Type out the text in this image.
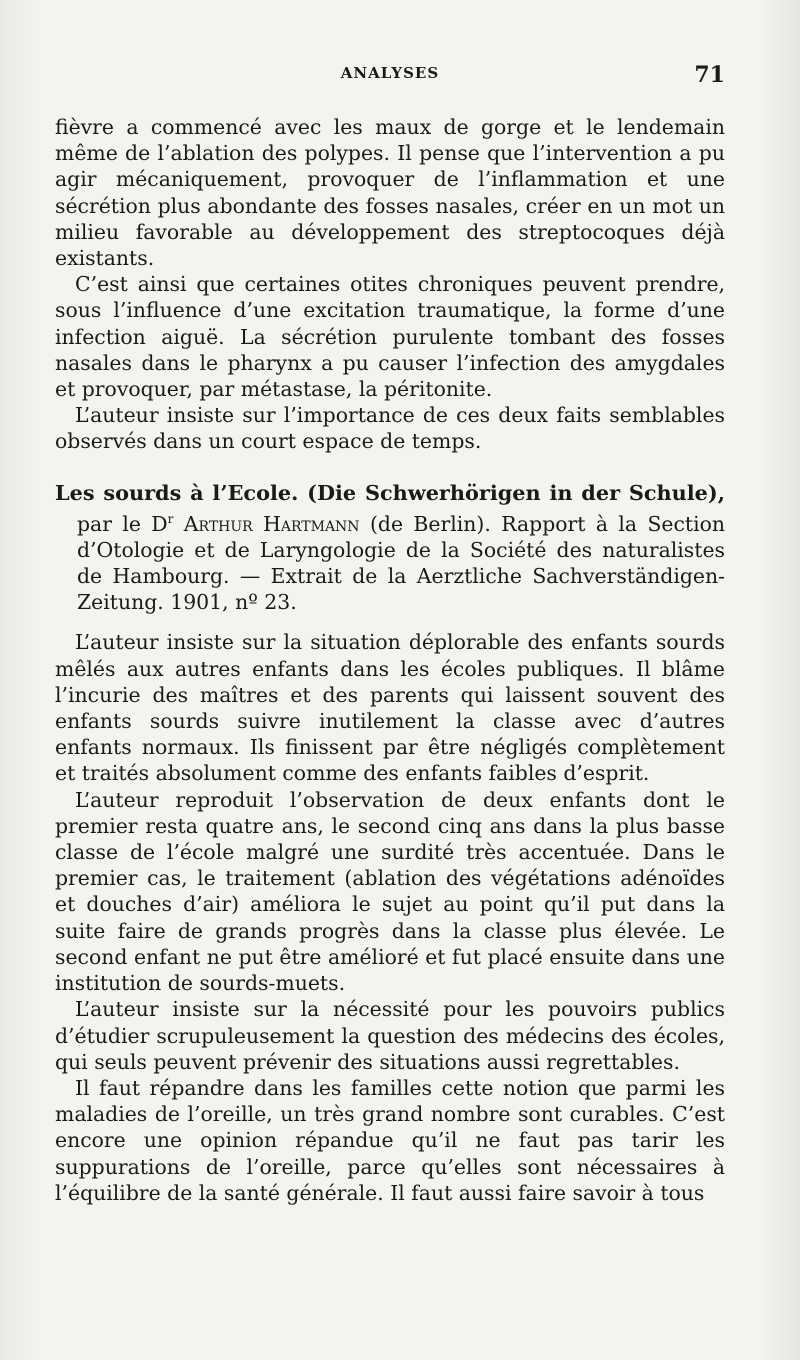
ANALYSES	71

fièvre a commencé avec les maux de gorge et le lendemain même de l’ablation des polypes. Il pense que l’intervention a pu agir mécaniquement, provoquer de l’inflammation et une sécrétion plus abondante des fosses nasales, créer en un mot un milieu favorable au développement des streptocoques déjà existants.

C’est ainsi que certaines otites chroniques peuvent prendre, sous l’influence d’une excitation traumatique, la forme d’une infection aiguë. La sécrétion purulente tombant des fosses nasales dans le pharynx a pu causer l’infection des amygdales et provoquer, par métastase, la péritonite.

L’auteur insiste sur l’importance de ces deux faits semblables observés dans un court espace de temps.

Les sourds à l’Ecole. (Die Schwerhörigen in der Schule), par le $D^r$ Arthur Hartmann (de Berlin). Rapport à la Section d’Otologie et de Laryngologie de la Société des naturalistes de Hambourg. — Extrait de la Aerztliche Sachverständigen-Zeitung. 1901, nº 23.

L’auteur insiste sur la situation déplorable des enfants sourds mêlés aux autres enfants dans les écoles publiques. Il blâme l’incurie des maîtres et des parents qui laissent souvent des enfants sourds suivre inutilement la classe avec d’autres enfants normaux. Ils finissent par être négligés complètement et traités absolument comme des enfants faibles d’esprit.

L’auteur reproduit l’observation de deux enfants dont le premier resta quatre ans, le second cinq ans dans la plus basse classe de l’école malgré une surdité très accentuée. Dans le premier cas, le traitement (ablation des végétations adénoïdes et douches d’air) améliora le sujet au point qu’il put dans la suite faire de grands progrès dans la classe plus élevée. Le second enfant ne put être amélioré et fut placé ensuite dans une institution de sourds-muets.

L’auteur insiste sur la nécessité pour les pouvoirs publics d’étudier scrupuleusement la question des médecins des écoles, qui seuls peuvent prévenir des situations aussi regrettables.

Il faut répandre dans les familles cette notion que parmi les maladies de l’oreille, un très grand nombre sont curables. C’est encore une opinion répandue qu’il ne faut pas tarir les suppurations de l’oreille, parce qu’elles sont nécessaires à l’équilibre de la santé générale. Il faut aussi faire savoir à tous
